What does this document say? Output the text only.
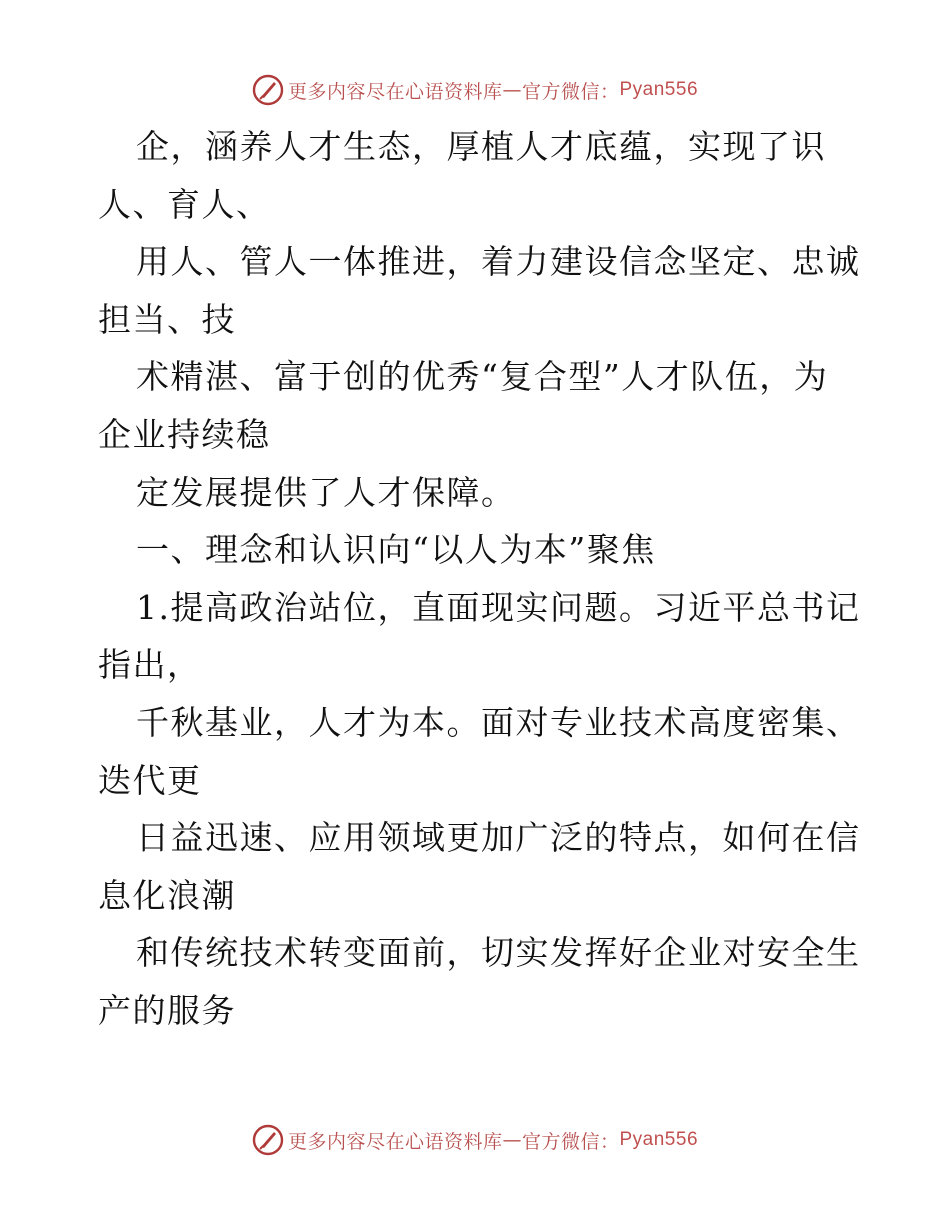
更多内容尽在心语资料库 — 官方微信： Pyan556
企，涵养人才生态，厚植人才底蕴，实现了识
人、育人、
用人、管人一体推进，着力建设信念坚定、忠诚
担当、技
术精湛、富于创的优秀“复合型”人才队伍，为
企业持续稳
定发展提供了人才保障。
一、理念和认识向“以人为本”聚焦
1.提高政治站位，直面现实问题。习近平总书记
指出，
千秋基业，人才为本。面对专业技术高度密集、
迭代更
日益迅速、应用领域更加广泛的特点，如何在信
息化浪潮
和传统技术转变面前，切实发挥好企业对安全生
产的服务
更多内容尽在心语资料库 — 官方微信： Pyan556
